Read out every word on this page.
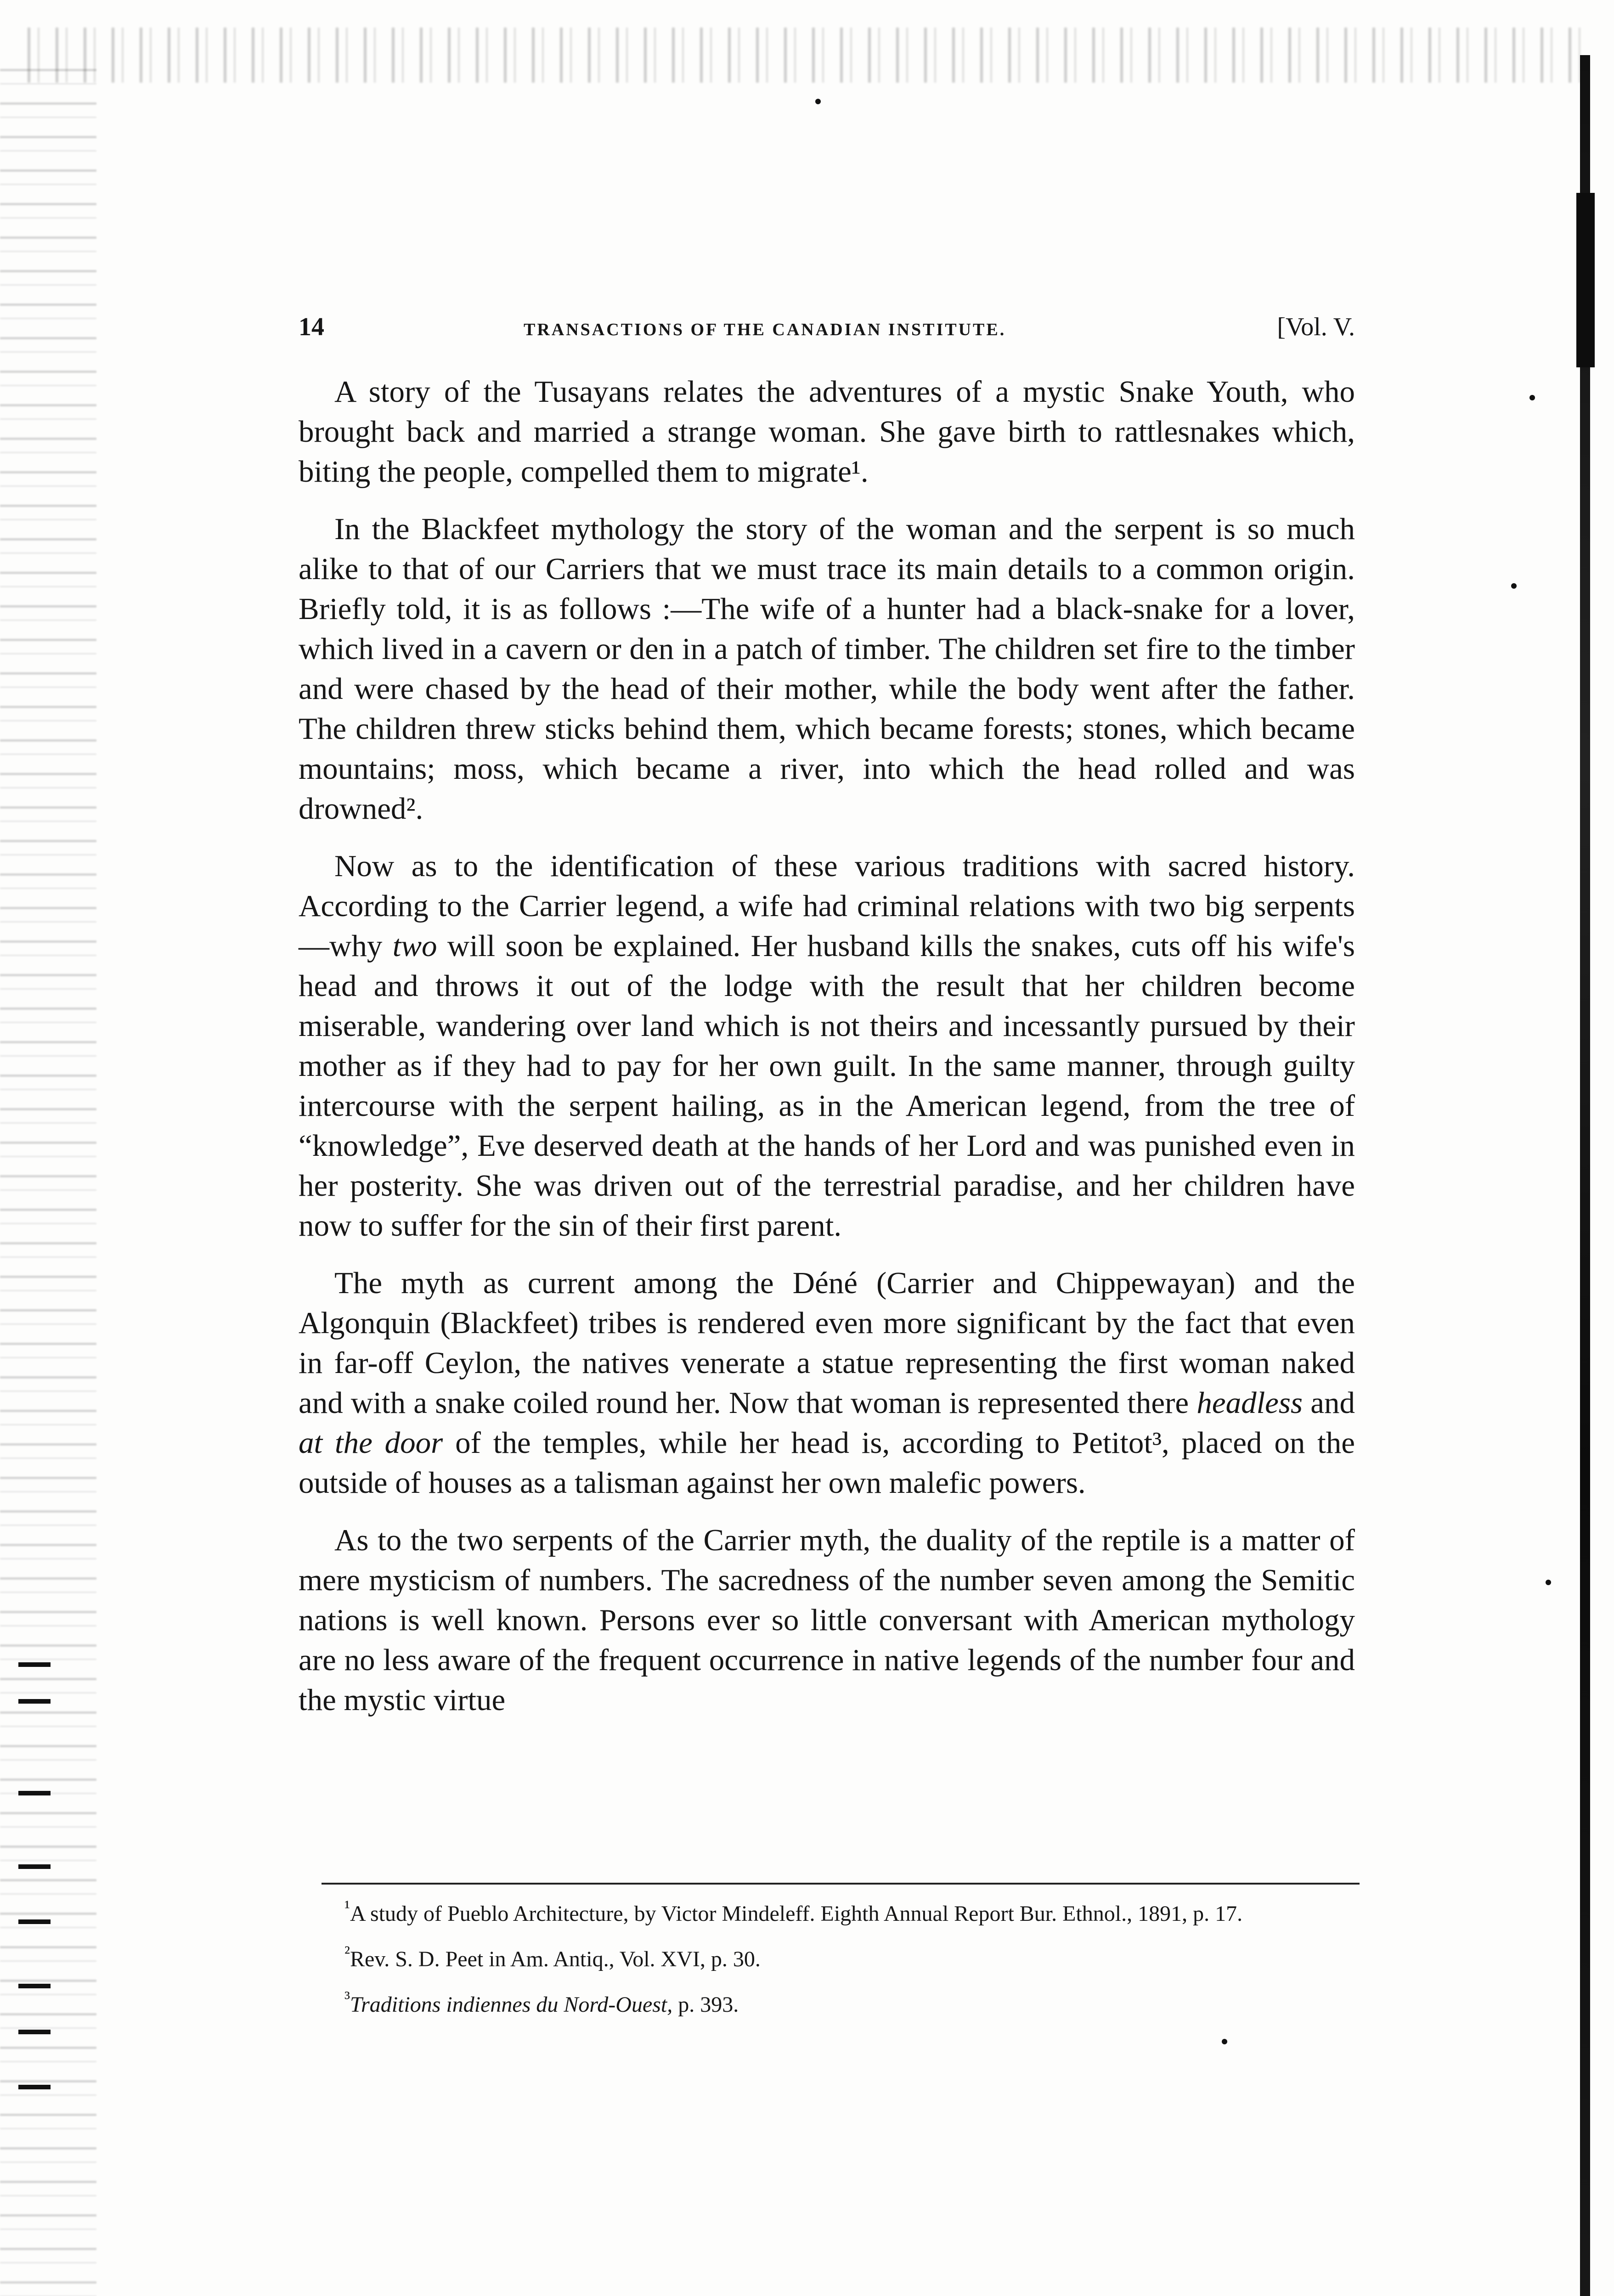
14	TRANSACTIONS OF THE CANADIAN INSTITUTE.	[Vol. V.

A story of the Tusayans relates the adventures of a mystic Snake Youth, who brought back and married a strange woman. She gave birth to rattlesnakes which, biting the people, compelled them to migrate¹.

In the Blackfeet mythology the story of the woman and the serpent is so much alike to that of our Carriers that we must trace its main details to a common origin. Briefly told, it is as follows :—The wife of a hunter had a black-snake for a lover, which lived in a cavern or den in a patch of timber. The children set fire to the timber and were chased by the head of their mother, while the body went after the father. The children threw sticks behind them, which became forests; stones, which became mountains; moss, which became a river, into which the head rolled and was drowned².

Now as to the identification of these various traditions with sacred history. According to the Carrier legend, a wife had criminal relations with two big serpents—why two will soon be explained. Her husband kills the snakes, cuts off his wife's head and throws it out of the lodge with the result that her children become miserable, wandering over land which is not theirs and incessantly pursued by their mother as if they had to pay for her own guilt. In the same manner, through guilty intercourse with the serpent hailing, as in the American legend, from the tree of “knowledge”, Eve deserved death at the hands of her Lord and was punished even in her posterity. She was driven out of the terrestrial paradise, and her children have now to suffer for the sin of their first parent.

The myth as current among the Déné (Carrier and Chippewayan) and the Algonquin (Blackfeet) tribes is rendered even more significant by the fact that even in far-off Ceylon, the natives venerate a statue representing the first woman naked and with a snake coiled round her. Now that woman is represented there headless and at the door of the temples, while her head is, according to Petitot³, placed on the outside of houses as a talisman against her own malefic powers.

As to the two serpents of the Carrier myth, the duality of the reptile is a matter of mere mysticism of numbers. The sacredness of the number seven among the Semitic nations is well known. Persons ever so little conversant with American mythology are no less aware of the frequent occurrence in native legends of the number four and the mystic virtue

$^{^1}$A study of Pueblo Architecture, by Victor Mindeleff. Eighth Annual Report Bur. Ethnol., 1891, p. 17.

$^{^2}$Rev. S. D. Peet in Am. Antiq., Vol. XVI, p. 30.

$^{^3}$Traditions indiennes du Nord-Ouest, p. 393.
